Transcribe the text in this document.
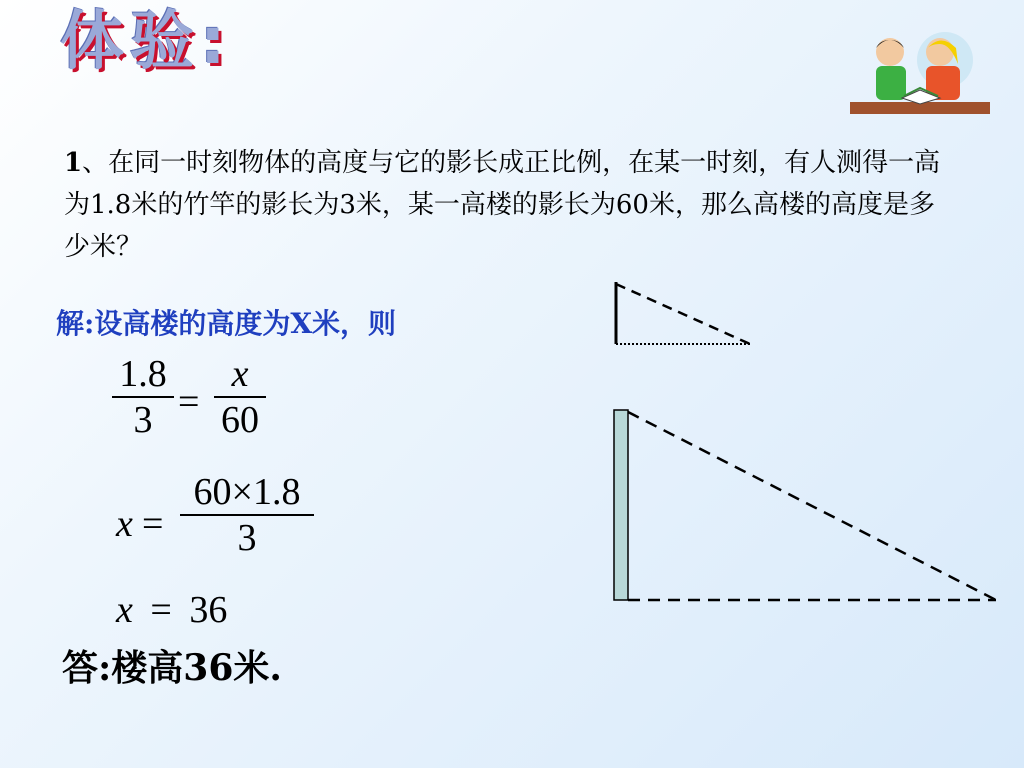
体验:
1、在同一时刻物体的高度与它的影长成正比例，在某一时刻，有人测得一高为1.8米的竹竿的影长为3米，某一高楼的影长为60米，那么高楼的高度是多少米？
解:设高楼的高度为X米，则
1.8
3 =
x
60
x =
60×1.8
3
x = 36
答:楼高36米.
